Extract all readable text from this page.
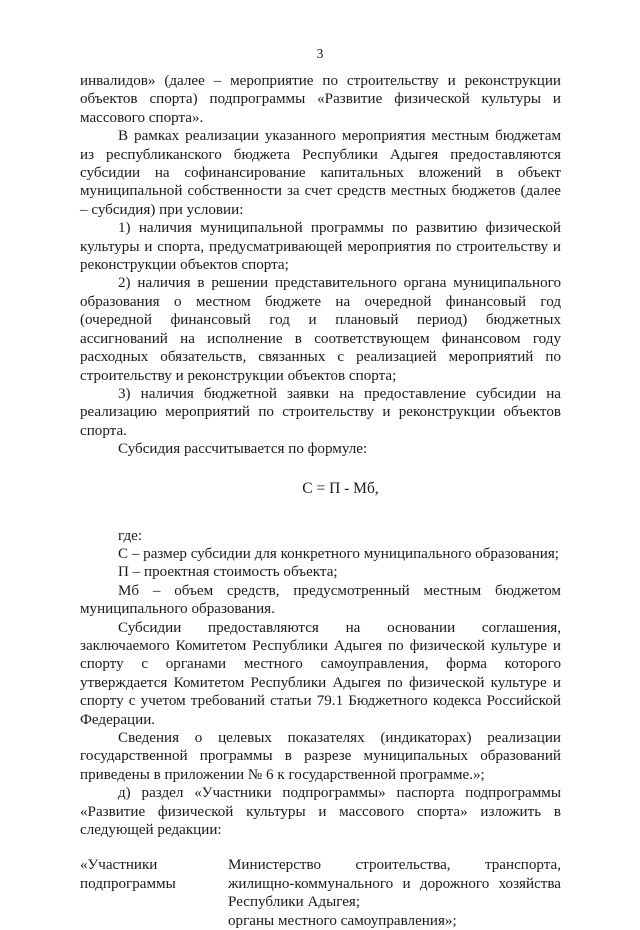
3

инвалидов» (далее – мероприятие по строительству и реконструкции объектов спорта) подпрограммы «Развитие физической культуры и массового спорта».

В рамках реализации указанного мероприятия местным бюджетам из республиканского бюджета Республики Адыгея предоставляются субсидии на софинансирование капитальных вложений в объект муниципальной собственности за счет средств местных бюджетов (далее – субсидия) при условии:

1) наличия муниципальной программы по развитию физической культуры и спорта, предусматривающей мероприятия по строительству и реконструкции объектов спорта;

2) наличия в решении представительного органа муниципального образования о местном бюджете на очередной финансовый год (очередной финансовый год и плановый период) бюджетных ассигнований на исполнение в соответствующем финансовом году расходных обязательств, связанных с реализацией мероприятий по строительству и реконструкции объектов спорта;

3) наличия бюджетной заявки на предоставление субсидии на реализацию мероприятий по строительству и реконструкции объектов спорта.

Субсидия рассчитывается по формуле:

С = П - Мб,

где:

С – размер субсидии для конкретного муниципального образования;

П – проектная стоимость объекта;

Мб – объем средств, предусмотренный местным бюджетом муниципального образования.

Субсидии предоставляются на основании соглашения, заключаемого Комитетом Республики Адыгея по физической культуре и спорту с органами местного самоуправления, форма которого утверждается Комитетом Республики Адыгея по физической культуре и спорту с учетом требований статьи 79.1 Бюджетного кодекса Российской Федерации.

Сведения о целевых показателях (индикаторах) реализации государственной программы в разрезе муниципальных образований приведены в приложении № 6 к государственной программе.»;

д) раздел «Участники подпрограммы» паспорта подпрограммы «Развитие физической культуры и массового спорта» изложить в следующей редакции:

«Участники подпрограммы

Министерство строительства, транспорта, жилищно-коммунального и дорожного хозяйства Республики Адыгея;

органы местного самоуправления»;
